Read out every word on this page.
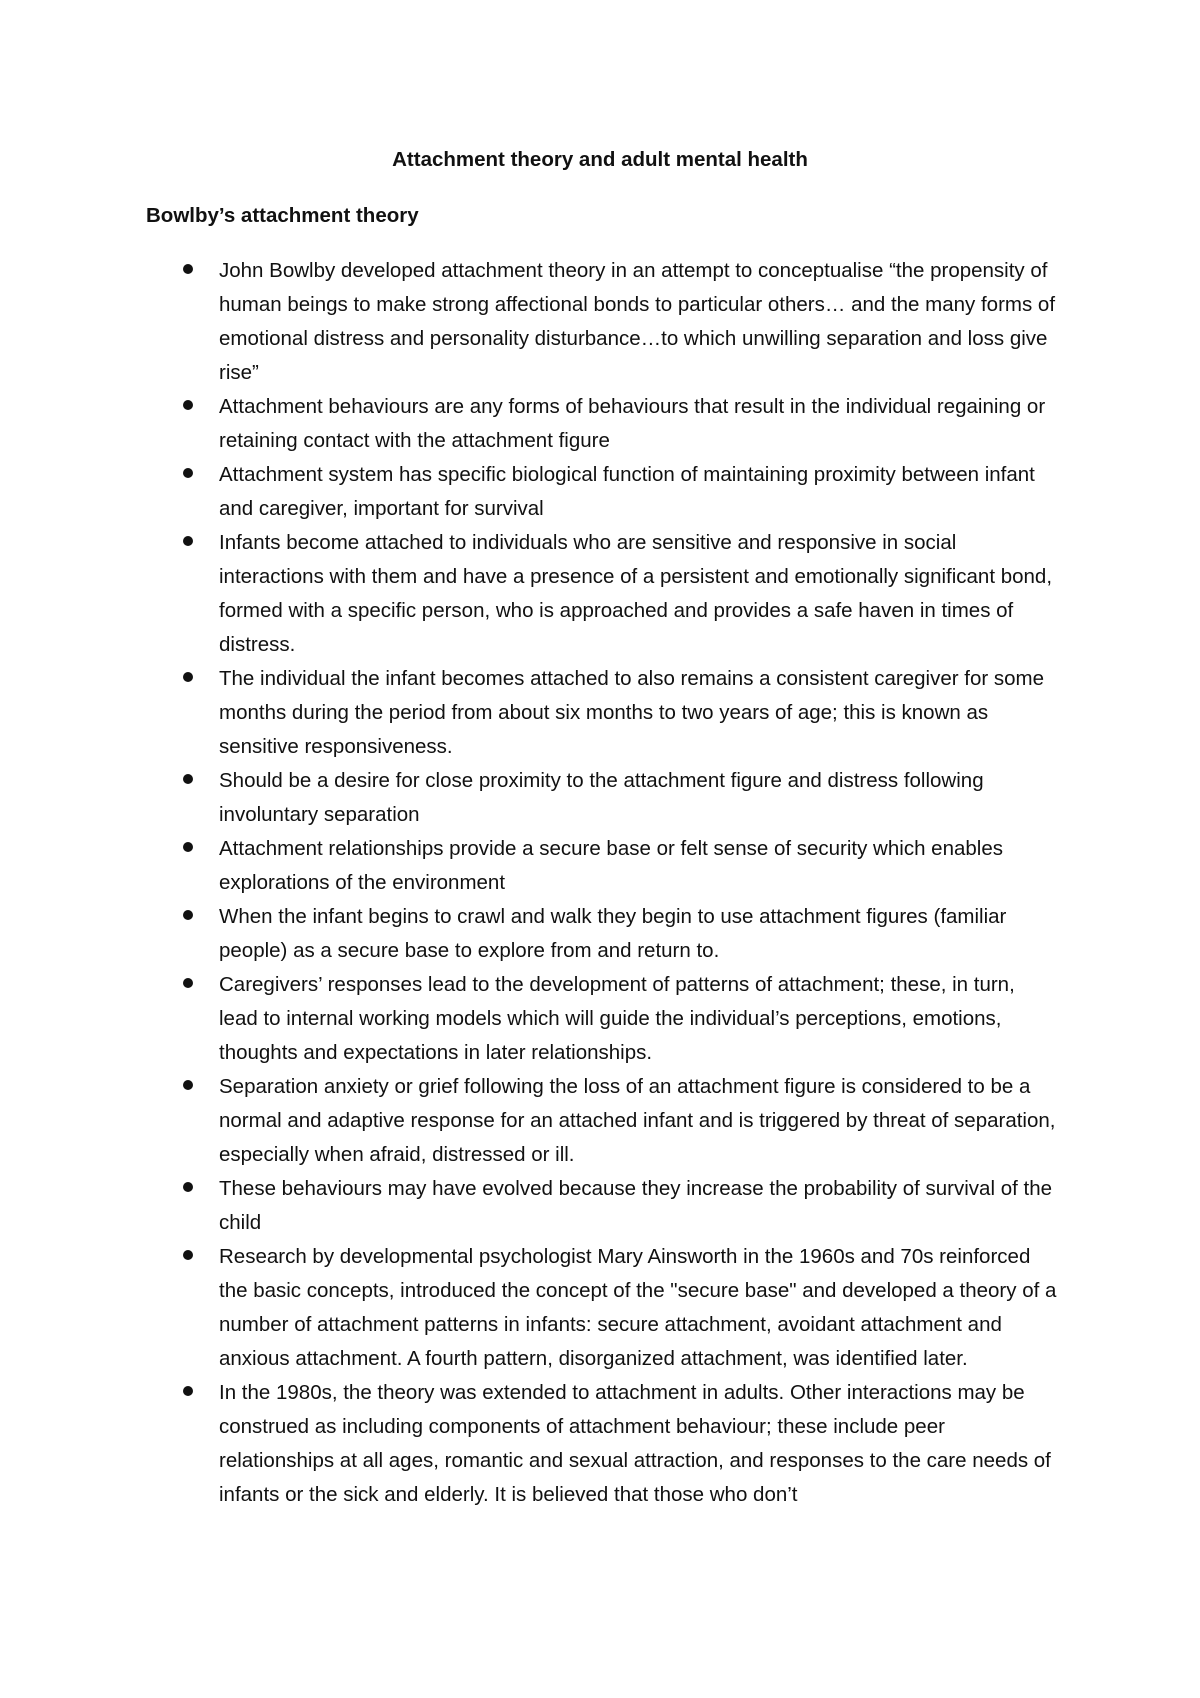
Attachment theory and adult mental health
Bowlby’s attachment theory
John Bowlby developed attachment theory in an attempt to conceptualise “the propensity of human beings to make strong affectional bonds to particular others… and the many forms of emotional distress and personality disturbance…to which unwilling separation and loss give rise”
Attachment behaviours are any forms of behaviours that result in the individual regaining or retaining contact with the attachment figure
Attachment system has specific biological function of maintaining proximity between infant and caregiver, important for survival
Infants become attached to individuals who are sensitive and responsive in social interactions with them and have a presence of a persistent and emotionally significant bond, formed with a specific person, who is approached and provides a safe haven in times of distress.
The individual the infant becomes attached to also remains a consistent caregiver for some months during the period from about six months to two years of age; this is known as sensitive responsiveness.
Should be a desire for close proximity to the attachment figure and distress following involuntary separation
Attachment relationships provide a secure base or felt sense of security which enables explorations of the environment
When the infant begins to crawl and walk they begin to use attachment figures (familiar people) as a secure base to explore from and return to.
Caregivers’ responses lead to the development of patterns of attachment; these, in turn, lead to internal working models which will guide the individual’s perceptions, emotions, thoughts and expectations in later relationships.
Separation anxiety or grief following the loss of an attachment figure is considered to be a normal and adaptive response for an attached infant and is triggered by threat of separation, especially when afraid, distressed or ill.
These behaviours may have evolved because they increase the probability of survival of the child
Research by developmental psychologist Mary Ainsworth in the 1960s and 70s reinforced the basic concepts, introduced the concept of the "secure base" and developed a theory of a number of attachment patterns in infants: secure attachment, avoidant attachment and anxious attachment. A fourth pattern, disorganized attachment, was identified later.
In the 1980s, the theory was extended to attachment in adults. Other interactions may be construed as including components of attachment behaviour; these include peer relationships at all ages, romantic and sexual attraction, and responses to the care needs of infants or the sick and elderly. It is believed that those who don’t
